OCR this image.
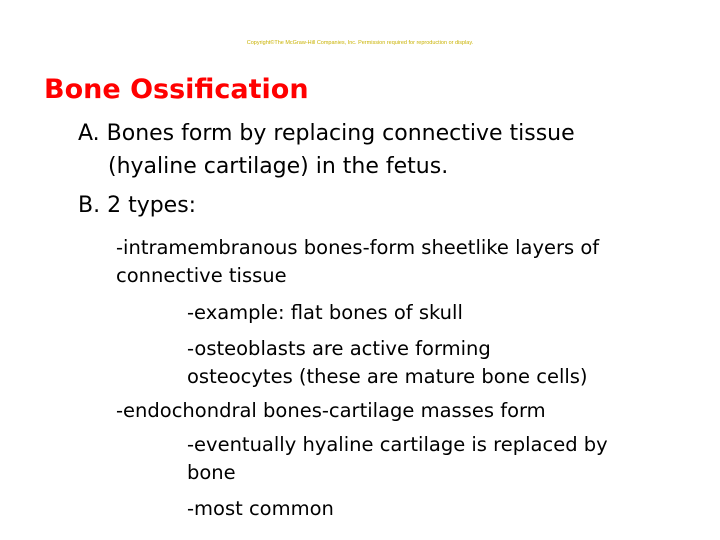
Copyright©The McGraw-Hill Companies, Inc. Permission required for reproduction or display.
Bone Ossification
A. Bones form by replacing connective tissue
(hyaline cartilage) in the fetus.
B. 2 types:
-intramembranous bones-form sheetlike layers of
connective tissue
-example: flat bones of skull
-osteoblasts are active forming
osteocytes (these are mature bone cells)
-endochondral bones-cartilage masses form
-eventually hyaline cartilage is replaced by
bone
-most common
